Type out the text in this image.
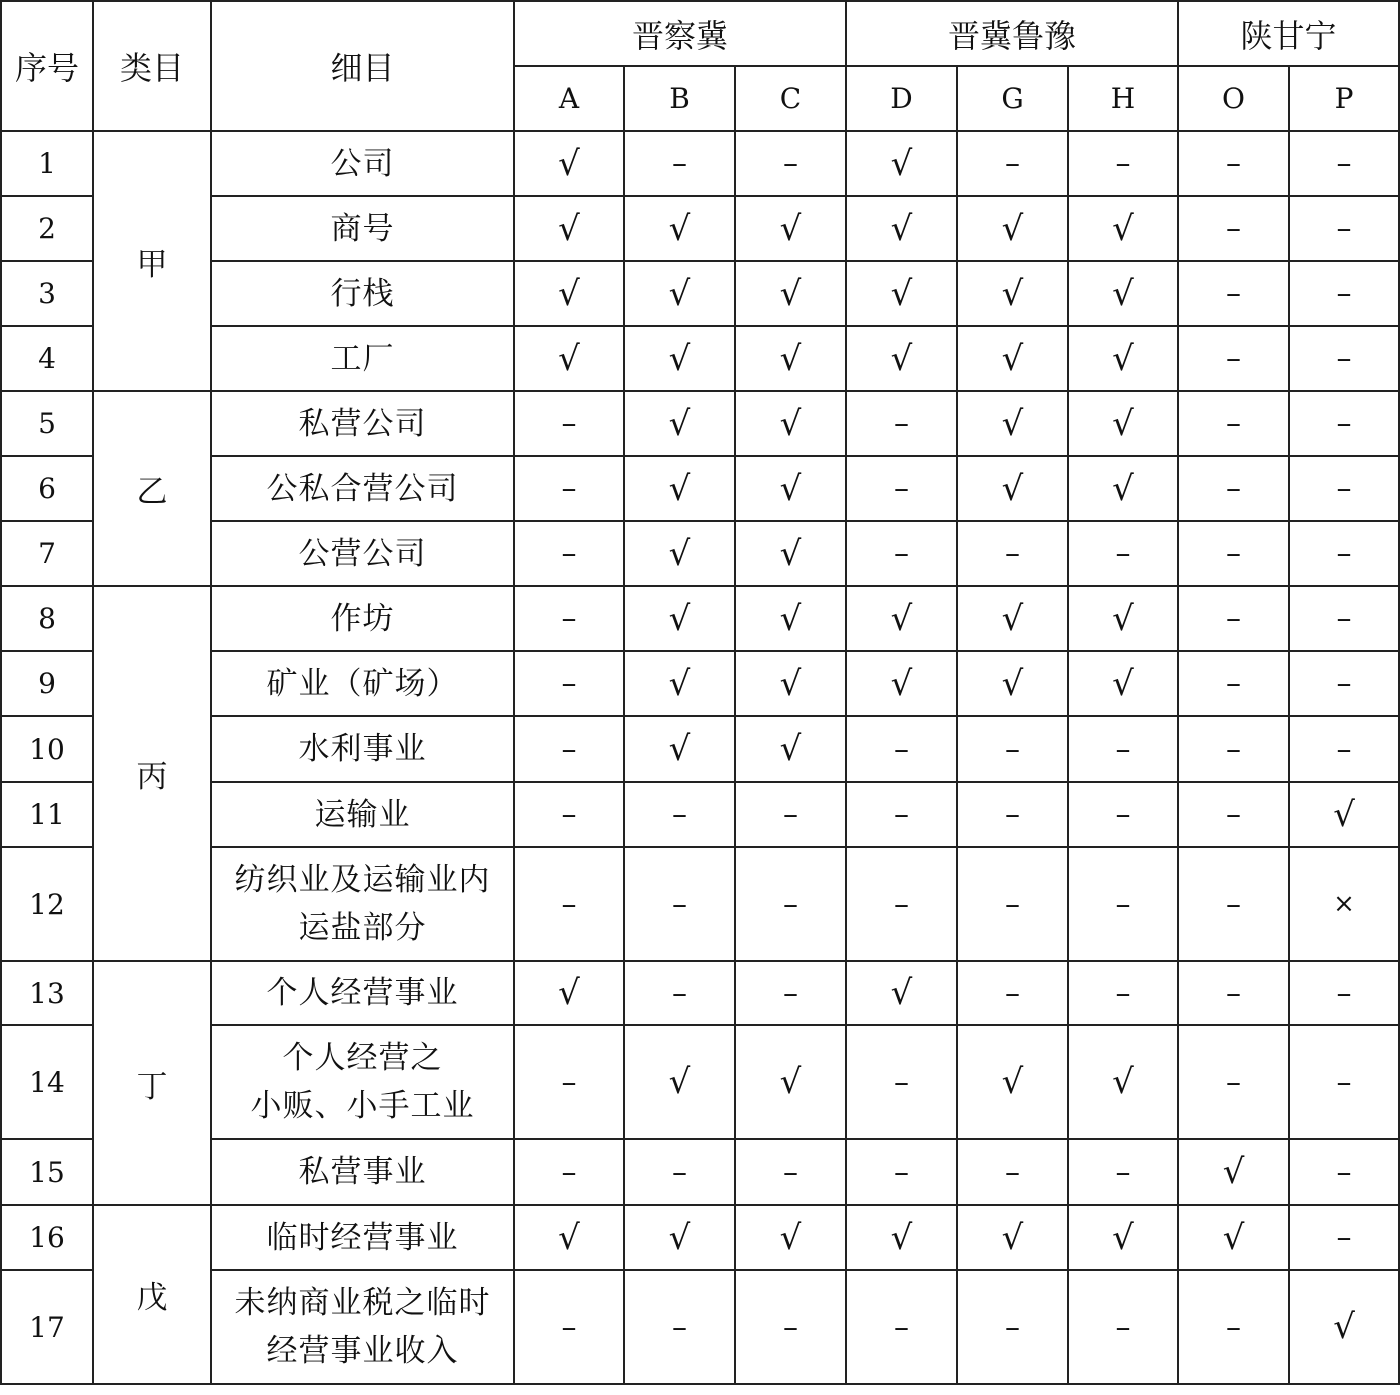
序号	类目	细目	晋察冀			晋冀鲁豫			陕甘宁	
			A	B	C	D	G	H	O	P
1	甲	公司	√	–	–	√	–	–	–	–
2		商号	√	√	√	√	√	√	–	–
3		行栈	√	√	√	√	√	√	–	–
4		工厂	√	√	√	√	√	√	–	–
5	乙	私营公司	–	√	√	–	√	√	–	–
6		公私合营公司	–	√	√	–	√	√	–	–
7		公营公司	–	√	√	–	–	–	–	–
8	丙	作坊	–	√	√	√	√	√	–	–
9		矿业（矿场）	–	√	√	√	√	√	–	–
10		水利事业	–	√	√	–	–	–	–	–
11		运输业	–	–	–	–	–	–	–	√
12		纺织业及运输业内
运盐部分	–	–	–	–	–	–	–	×
13	丁	个人经营事业	√	–	–	√	–	–	–	–
14		个人经营之
小贩、小手工业	–	√	√	–	√	√	–	–
15		私营事业	–	–	–	–	–	–	√	–
16	戊	临时经营事业	√	√	√	√	√	√	√	–
17		未纳商业税之临时
经营事业收入	–	–	–	–	–	–	–	√
